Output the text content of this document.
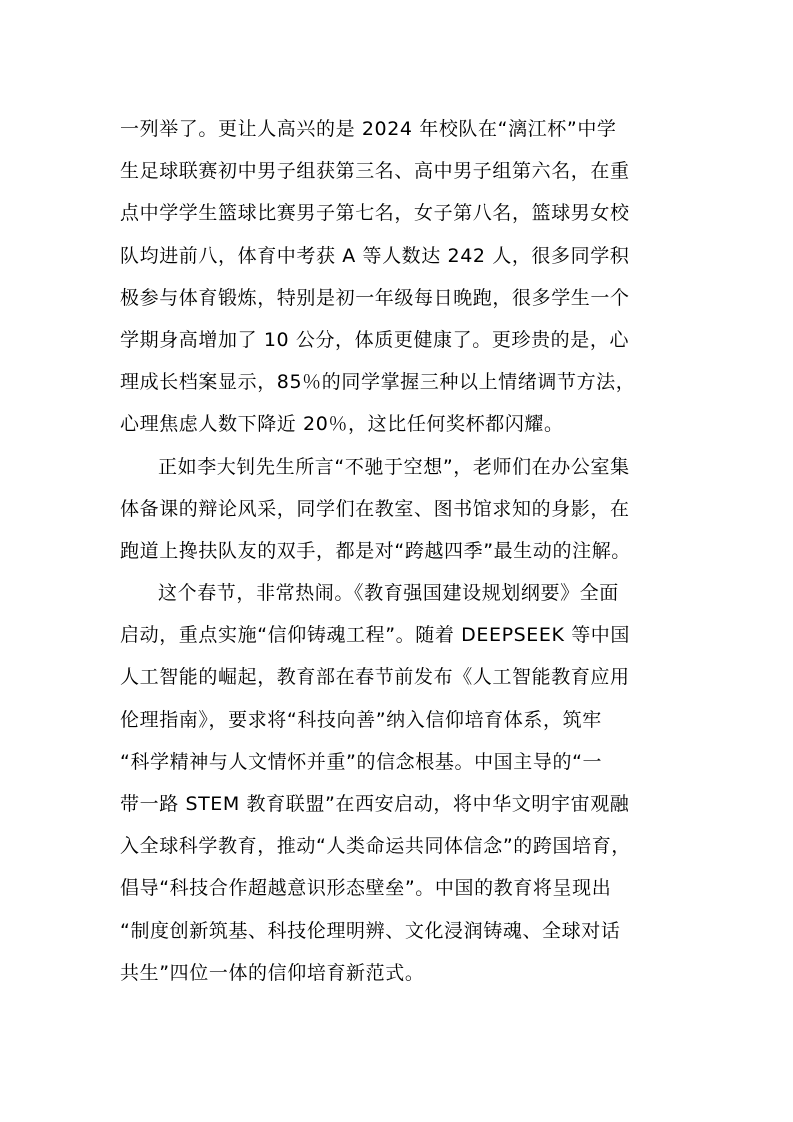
一列举了。更让人高兴的是 2024 年校队在“漓江杯”中学
生足球联赛初中男子组获第三名、高中男子组第六名，在重
点中学学生篮球比赛男子第七名，女子第八名，篮球男女校
队均进前八，体育中考获 A 等人数达 242 人，很多同学积
极参与体育锻炼，特别是初一年级每日晚跑，很多学生一个
学期身高增加了 10 公分，体质更健康了。更珍贵的是，心
理成长档案显示，85％的同学掌握三种以上情绪调节方法，
心理焦虑人数下降近 20％，这比任何奖杯都闪耀。
正如李大钊先生所言“不驰于空想”，老师们在办公室集
体备课的辩论风采，同学们在教室、图书馆求知的身影，在
跑道上搀扶队友的双手，都是对“跨越四季”最生动的注解。
这个春节，非常热闹。《教育强国建设规划纲要》全面
启动，重点实施“信仰铸魂工程”。随着 DEEPSEEK 等中国
人工智能的崛起，教育部在春节前发布《人工智能教育应用
伦理指南》，要求将“科技向善”纳入信仰培育体系，筑牢
“科学精神与人文情怀并重”的信念根基。中国主导的“一
带一路 STEM 教育联盟”在西安启动，将中华文明宇宙观融
入全球科学教育，推动“人类命运共同体信念”的跨国培育，
倡导“科技合作超越意识形态壁垒”。中国的教育将呈现出
“制度创新筑基、科技伦理明辨、文化浸润铸魂、全球对话
共生”四位一体的信仰培育新范式。
